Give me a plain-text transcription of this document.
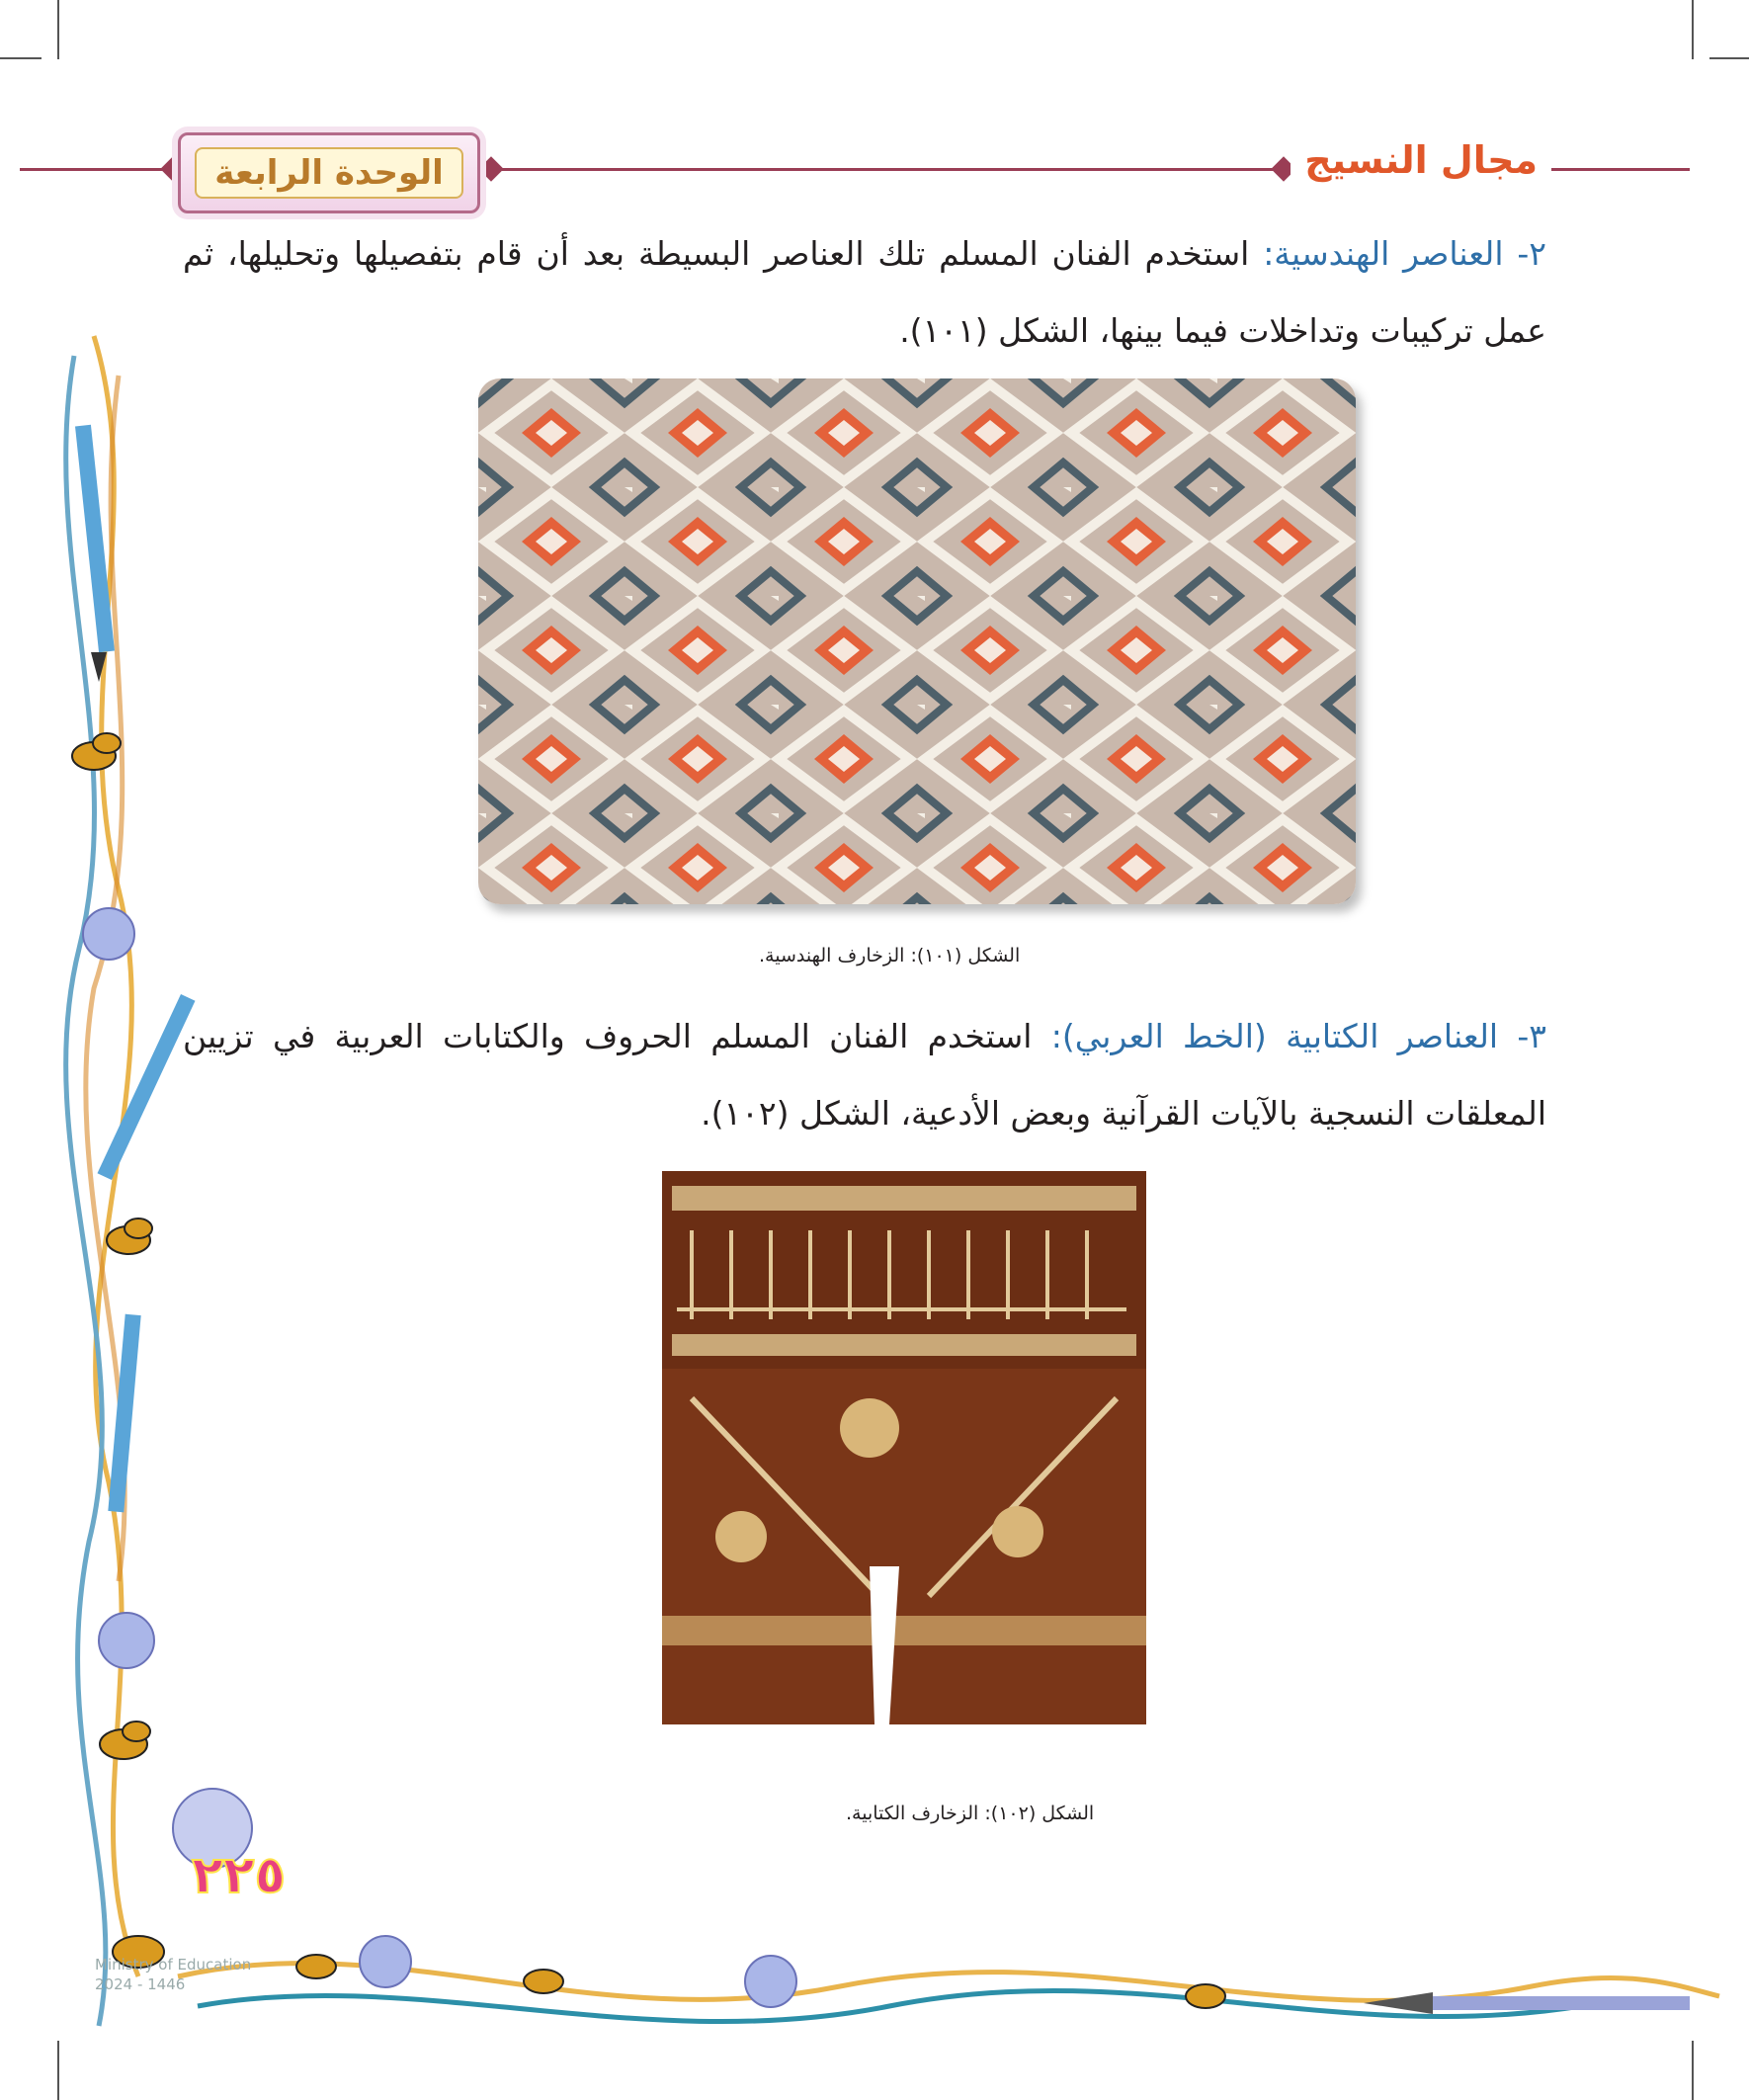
الوحدة الرابعة	مجال النسيج
٢- العناصر الهندسية: استخدم الفنان المسلم تلك العناصر البسيطة بعد أن قام بتفصيلها وتحليلها، ثم عمل تركيبات وتداخلات فيما بينها، الشكل (١٠١).
الشكل (١٠١): الزخارف الهندسية.
٣- العناصر الكتابية (الخط العربي): استخدم الفنان المسلم الحروف والكتابات العربية في تزيين المعلقات النسجية بالآيات القرآنية وبعض الأدعية، الشكل (١٠٢).
الشكل (١٠٢): الزخارف الكتابية.
٢٢٥
Ministry of Education
2024 - 1446
